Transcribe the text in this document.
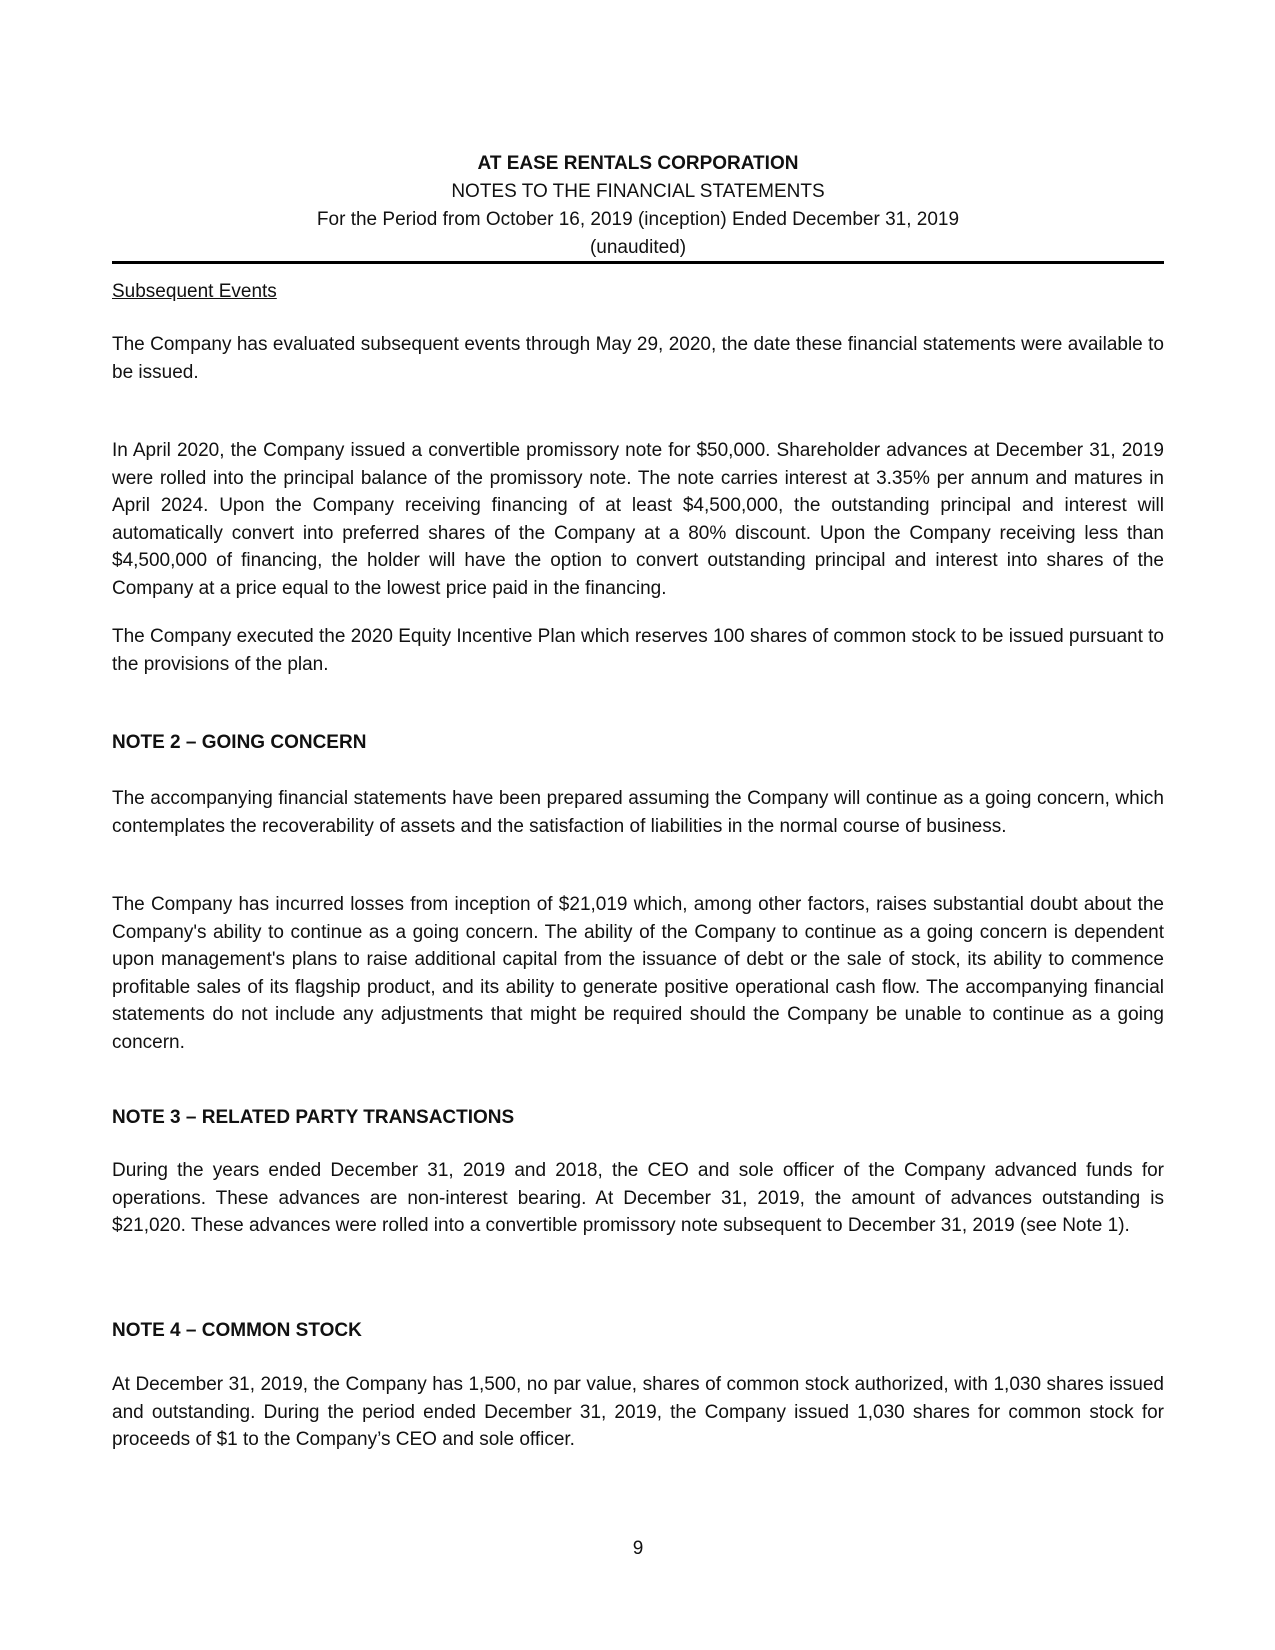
AT EASE RENTALS CORPORATION
NOTES TO THE FINANCIAL STATEMENTS
For the Period from October 16, 2019 (inception) Ended December 31, 2019
(unaudited)

Subsequent Events

The Company has evaluated subsequent events through May 29, 2020, the date these financial statements were available to be issued.

In April 2020, the Company issued a convertible promissory note for $50,000. Shareholder advances at December 31, 2019 were rolled into the principal balance of the promissory note. The note carries interest at 3.35% per annum and matures in April 2024. Upon the Company receiving financing of at least $4,500,000, the outstanding principal and interest will automatically convert into preferred shares of the Company at a 80% discount. Upon the Company receiving less than $4,500,000 of financing, the holder will have the option to convert outstanding principal and interest into shares of the Company at a price equal to the lowest price paid in the financing.

The Company executed the 2020 Equity Incentive Plan which reserves 100 shares of common stock to be issued pursuant to the provisions of the plan.

NOTE 2 – GOING CONCERN

The accompanying financial statements have been prepared assuming the Company will continue as a going concern, which contemplates the recoverability of assets and the satisfaction of liabilities in the normal course of business.

The Company has incurred losses from inception of $21,019 which, among other factors, raises substantial doubt about the Company's ability to continue as a going concern. The ability of the Company to continue as a going concern is dependent upon management's plans to raise additional capital from the issuance of debt or the sale of stock, its ability to commence profitable sales of its flagship product, and its ability to generate positive operational cash flow. The accompanying financial statements do not include any adjustments that might be required should the Company be unable to continue as a going concern.

NOTE 3 – RELATED PARTY TRANSACTIONS

During the years ended December 31, 2019 and 2018, the CEO and sole officer of the Company advanced funds for operations. These advances are non-interest bearing. At December 31, 2019, the amount of advances outstanding is $21,020. These advances were rolled into a convertible promissory note subsequent to December 31, 2019 (see Note 1).

NOTE 4 – COMMON STOCK

At December 31, 2019, the Company has 1,500, no par value, shares of common stock authorized, with 1,030 shares issued and outstanding. During the period ended December 31, 2019, the Company issued 1,030 shares for common stock for proceeds of $1 to the Company’s CEO and sole officer.

9
